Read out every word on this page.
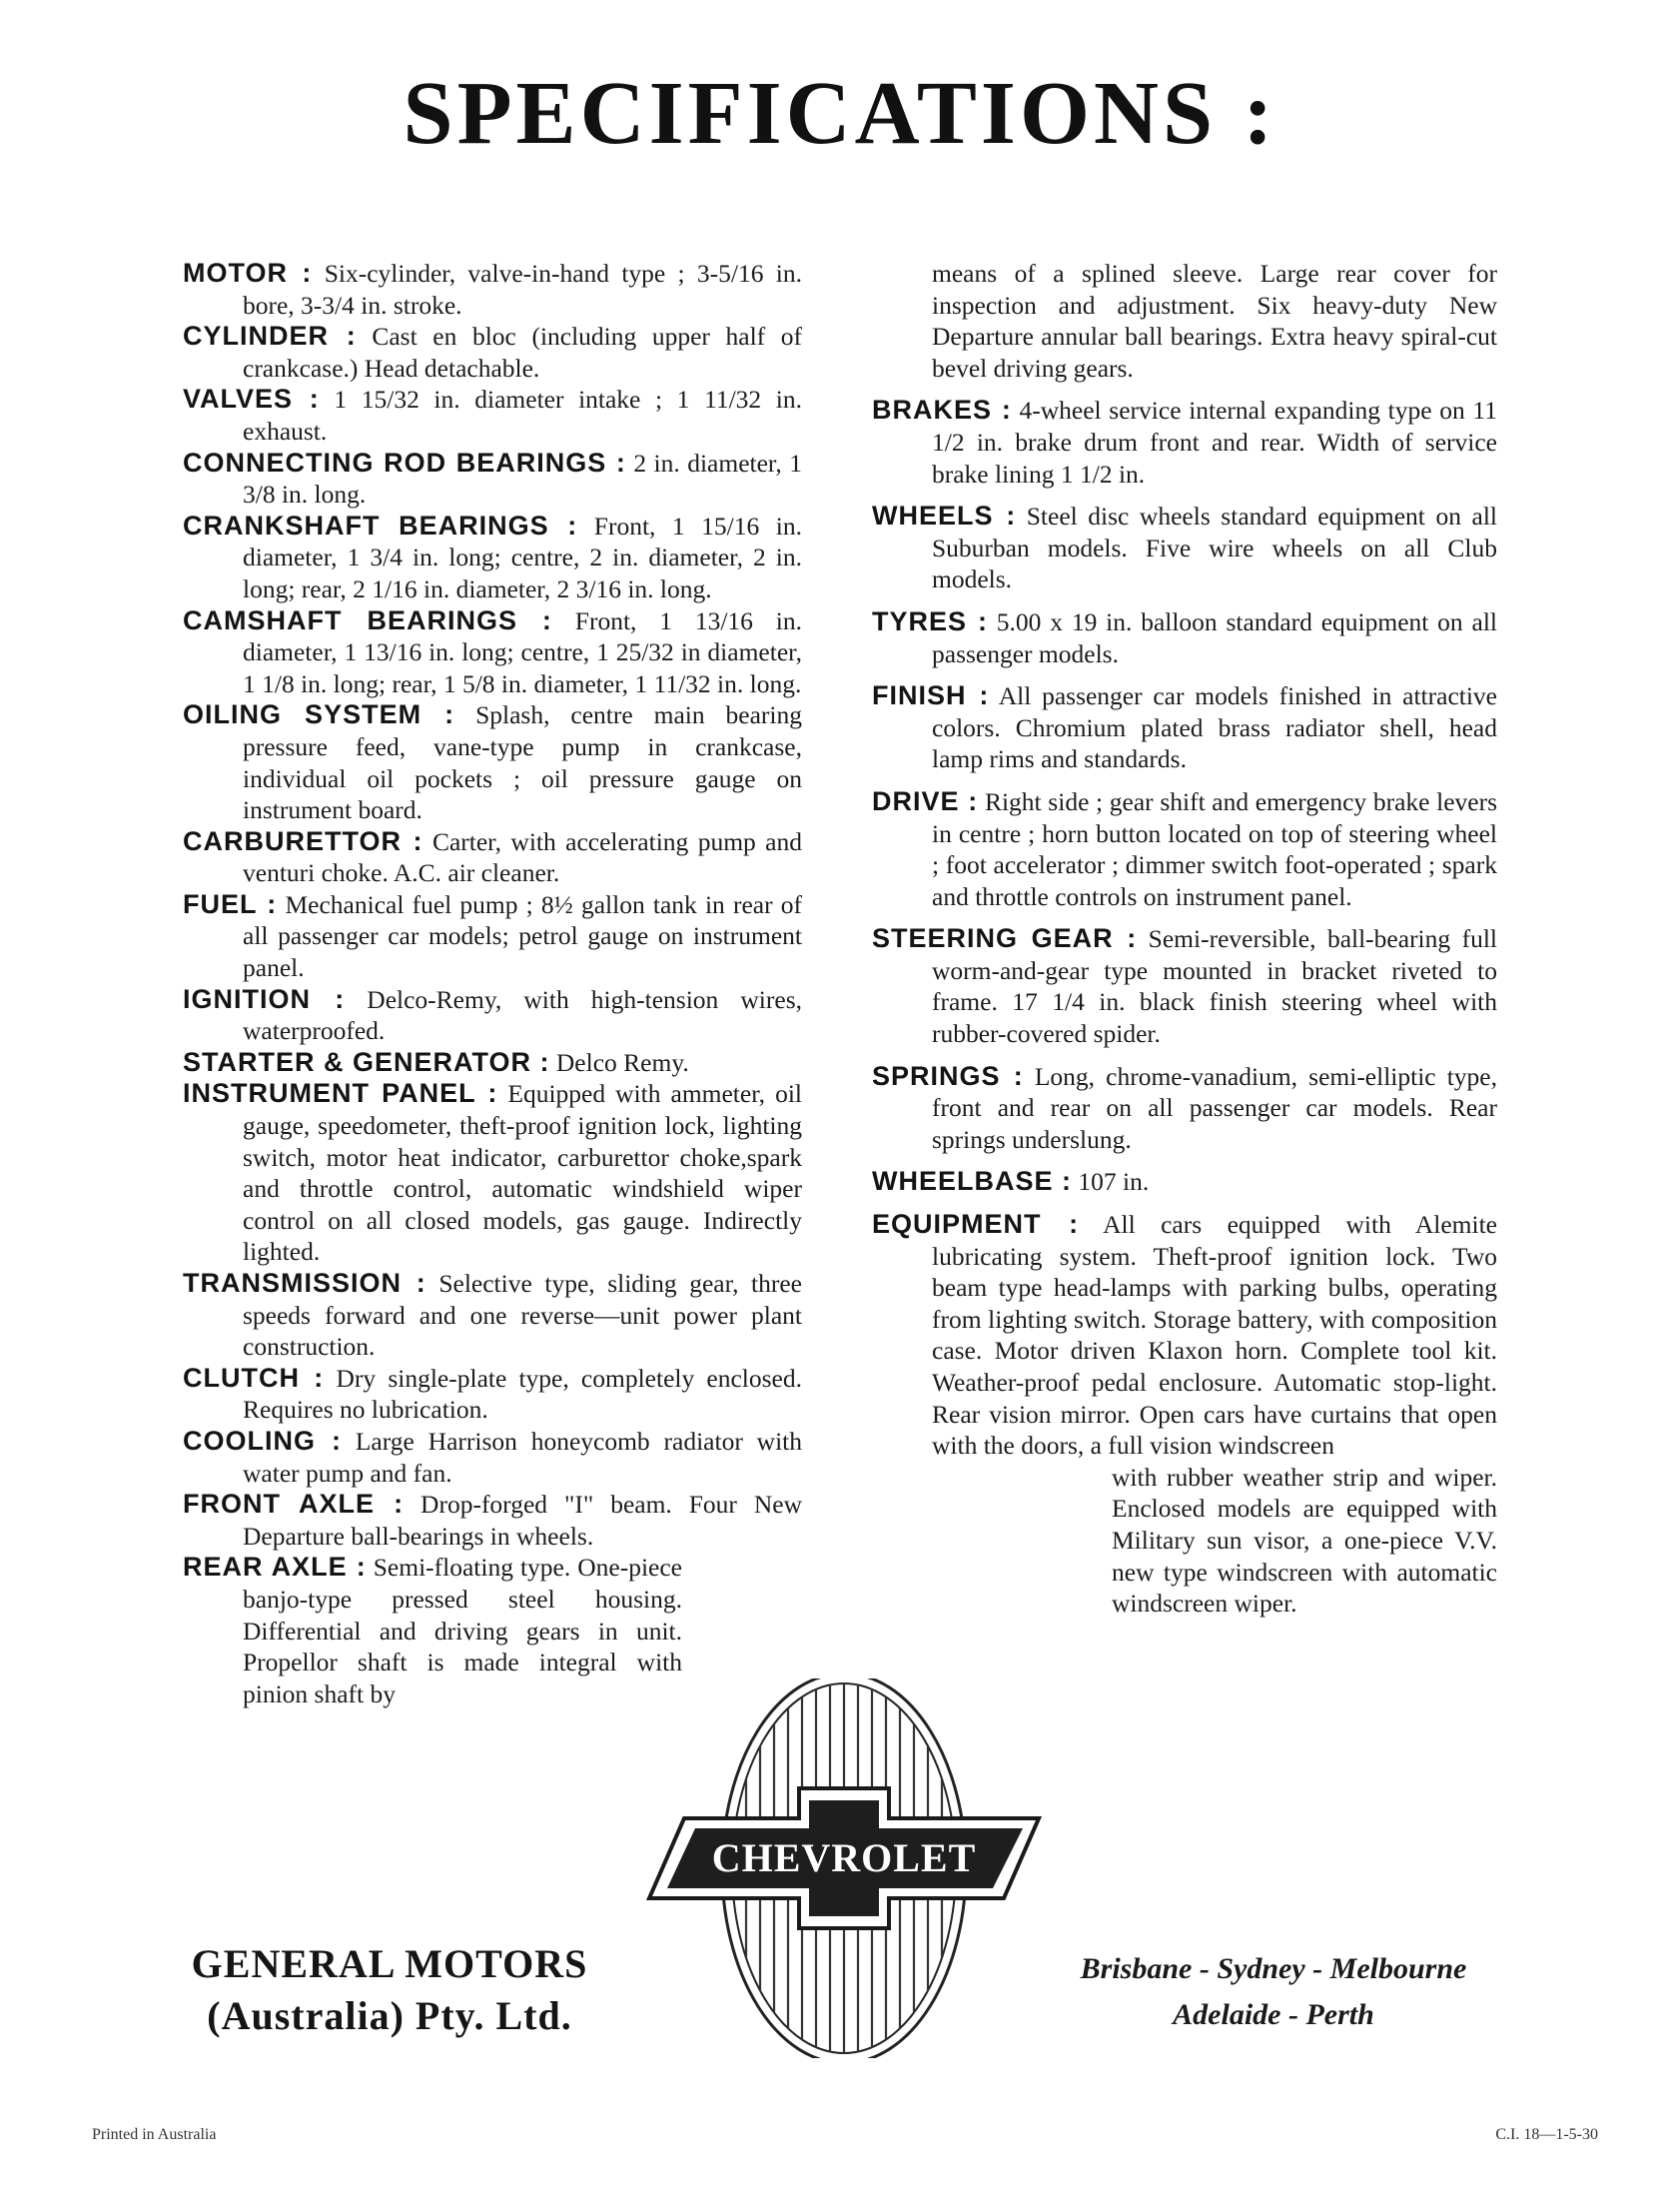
SPECIFICATIONS :

MOTOR : Six-cylinder, valve-in-hand type ; 3-5/16 in. bore, 3-3/4 in. stroke.

CYLINDER : Cast en bloc (including upper half of crankcase.) Head detachable.

VALVES : 1 15/32 in. diameter intake ; 1 11/32 in. exhaust.

CONNECTING ROD BEARINGS : 2 in. diameter, 1 3/8 in. long.

CRANKSHAFT BEARINGS : Front, 1 15/16 in. diameter, 1 3/4 in. long; centre, 2 in. diameter, 2 in. long; rear, 2 1/16 in. diameter, 2 3/16 in. long.

CAMSHAFT BEARINGS : Front, 1 13/16 in. diameter, 1 13/16 in. long; centre, 1 25/32 in diameter, 1 1/8 in. long; rear, 1 5/8 in. diameter, 1 11/32 in. long.

OILING SYSTEM : Splash, centre main bearing pressure feed, vane-type pump in crankcase, individual oil pockets ; oil pressure gauge on instrument board.

CARBURETTOR : Carter, with accelerating pump and venturi choke. A.C. air cleaner.

FUEL : Mechanical fuel pump ; 8½ gallon tank in rear of all passenger car models; petrol gauge on instrument panel.

IGNITION : Delco-Remy, with high-tension wires, waterproofed.

STARTER & GENERATOR : Delco Remy.

INSTRUMENT PANEL : Equipped with ammeter, oil gauge, speedometer, theft-proof ignition lock, lighting switch, motor heat indicator, carburettor choke,spark and throttle control, automatic windshield wiper control on all closed models, gas gauge. Indirectly lighted.

TRANSMISSION : Selective type, sliding gear, three speeds forward and one reverse—unit power plant construction.

CLUTCH : Dry single-plate type, completely enclosed. Requires no lubrication.

COOLING : Large Harrison honeycomb radiator with water pump and fan.

FRONT AXLE : Drop-forged "I" beam. Four New Departure ball-bearings in wheels.

REAR AXLE : Semi-floating type. One-piece banjo-type pressed steel housing. Differential and driving gears in unit. Propellor shaft is made integral with pinion shaft by

means of a splined sleeve. Large rear cover for inspection and adjustment. Six heavy-duty New Departure annular ball bearings. Extra heavy spiral-cut bevel driving gears.

BRAKES : 4-wheel service internal expanding type on 11 1/2 in. brake drum front and rear. Width of service brake lining 1 1/2 in.

WHEELS : Steel disc wheels standard equipment on all Suburban models. Five wire wheels on all Club models.

TYRES : 5.00 x 19 in. balloon standard equipment on all passenger models.

FINISH : All passenger car models finished in attractive colors. Chromium plated brass radiator shell, head lamp rims and standards.

DRIVE : Right side ; gear shift and emergency brake levers in centre ; horn button located on top of steering wheel ; foot accelerator ; dimmer switch foot-operated ; spark and throttle controls on instrument panel.

STEERING GEAR : Semi-reversible, ball-bearing full worm-and-gear type mounted in bracket riveted to frame. 17 1/4 in. black finish steering wheel with rubber-covered spider.

SPRINGS : Long, chrome-vanadium, semi-elliptic type, front and rear on all passenger car models. Rear springs underslung.

WHEELBASE : 107 in.

EQUIPMENT : All cars equipped with Alemite lubricating system. Theft-proof ignition lock. Two beam type head-lamps with parking bulbs, operating from lighting switch. Storage battery, with composition case. Motor driven Klaxon horn. Complete tool kit. Weather-proof pedal enclosure. Automatic stop-light. Rear vision mirror. Open cars have curtains that open with the doors, a full vision windscreen

with rubber weather strip and wiper. Enclosed models are equipped with Military sun visor, a one-piece V.V. new type windscreen with automatic windscreen wiper.

CHEVROLET
GENERAL MOTORS
(Australia) Pty. Ltd.
Brisbane - Sydney - Melbourne
Adelaide - Perth
Printed in Australia	C.I. 18—1-5-30
